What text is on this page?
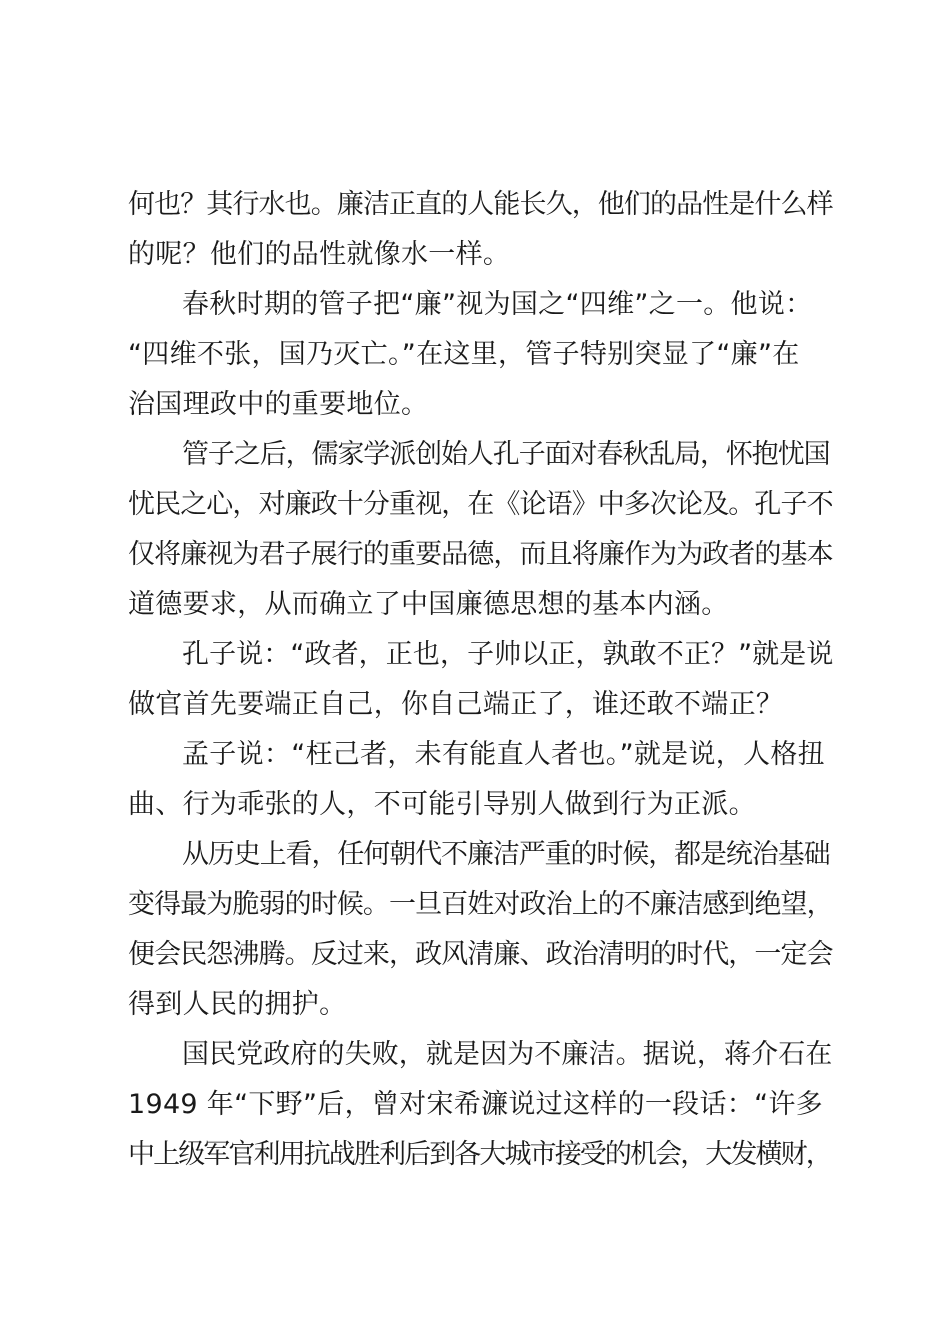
何也？其行水也。廉洁正直的人能长久，他们的品性是什么样
的呢？他们的品性就像水一样。
春秋时期的管子把“廉”视为国之“四维”之一。他说：
“四维不张，国乃灭亡。”在这里，管子特别突显了“廉”在
治国理政中的重要地位。
管子之后，儒家学派创始人孔子面对春秋乱局，怀抱忧国
忧民之心，对廉政十分重视，在《论语》中多次论及。孔子不
仅将廉视为君子展行的重要品德，而且将廉作为为政者的基本
道德要求，从而确立了中国廉德思想的基本内涵。
孔子说：“政者，正也，子帅以正，孰敢不正？”就是说
做官首先要端正自己，你自己端正了，谁还敢不端正？
孟子说：“枉己者，未有能直人者也。”就是说，人格扭
曲、行为乖张的人，不可能引导别人做到行为正派。
从历史上看，任何朝代不廉洁严重的时候，都是统治基础
变得最为脆弱的时候。一旦百姓对政治上的不廉洁感到绝望，
便会民怨沸腾。反过来，政风清廉、政治清明的时代，一定会
得到人民的拥护。
国民党政府的失败，就是因为不廉洁。据说，蒋介石在
1949 年“下野”后，曾对宋希濂说过这样的一段话：“许多
中上级军官利用抗战胜利后到各大城市接受的机会，大发横财，
